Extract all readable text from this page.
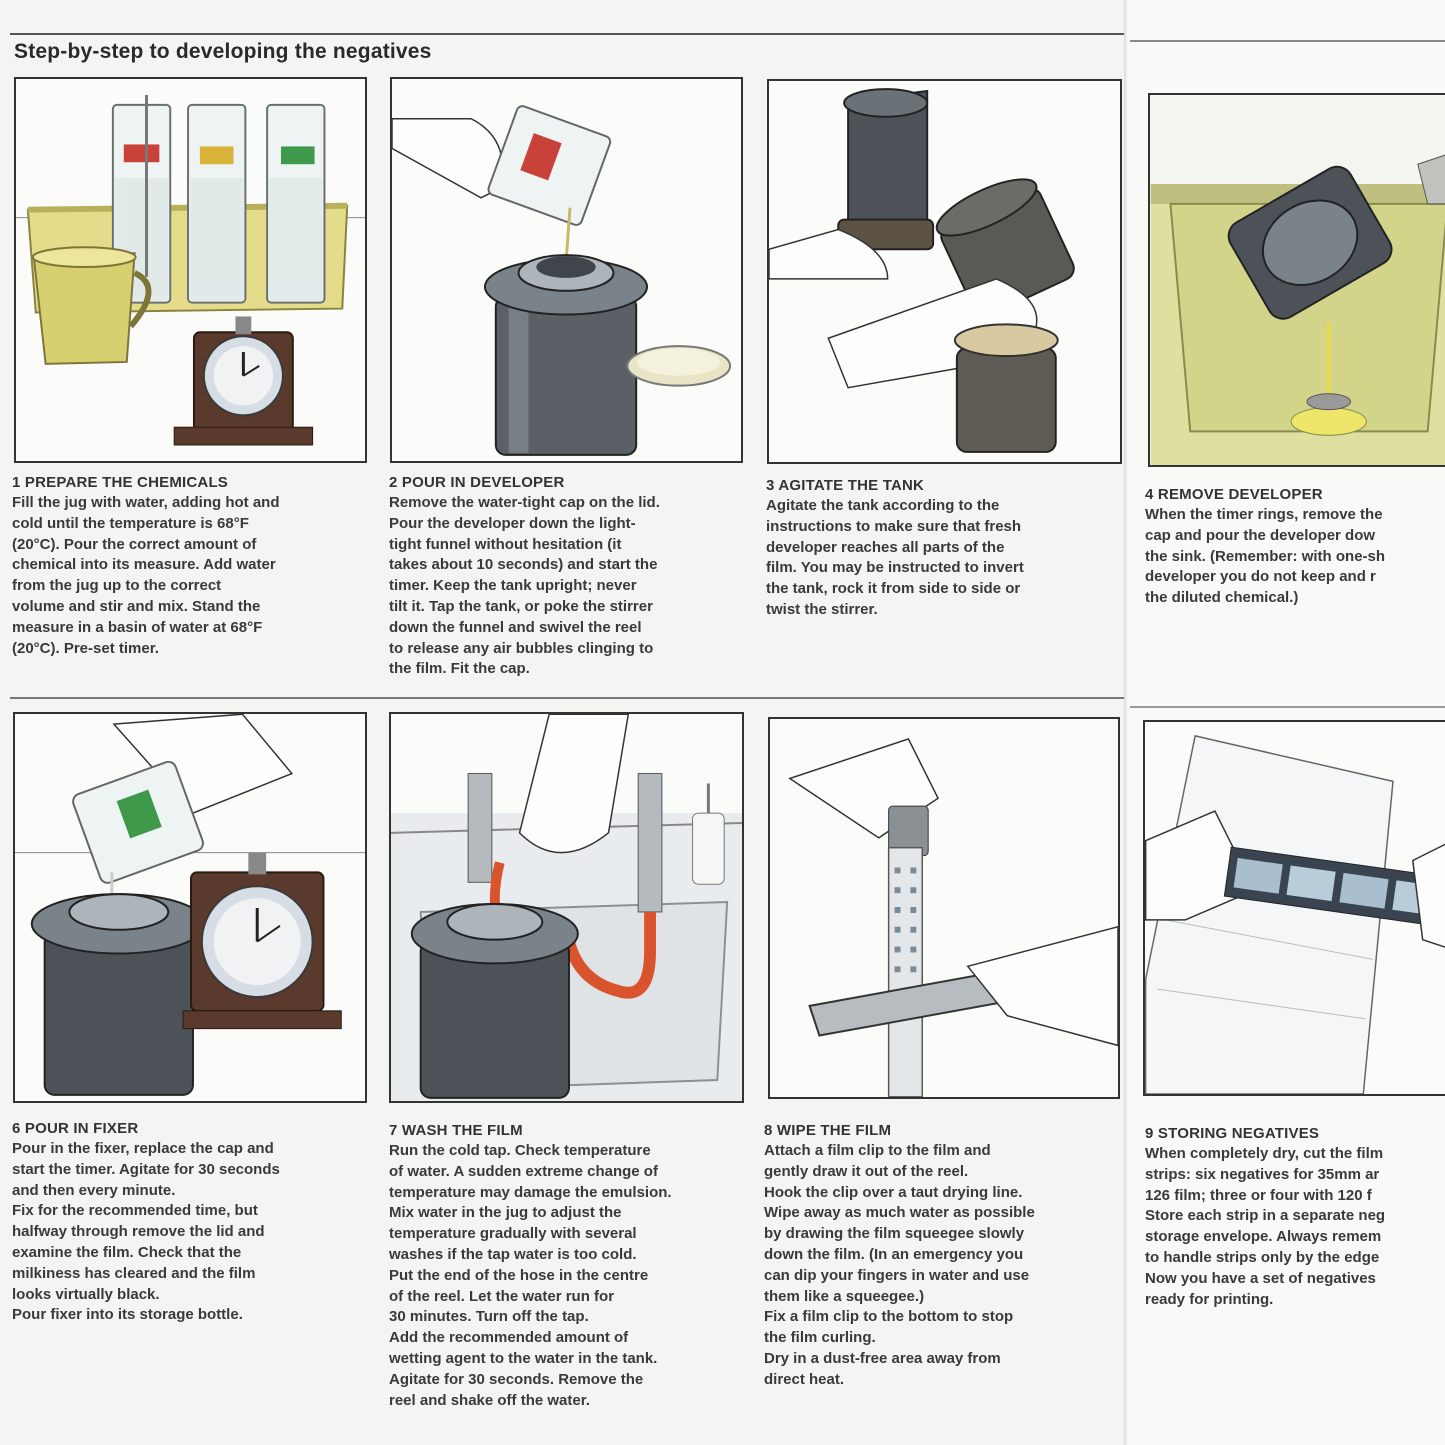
Step-by-step to developing the negatives
1 PREPARE THE CHEMICALS

Fill the jug with water, adding hot and
cold until the temperature is 68°F
(20°C). Pour the correct amount of
chemical into its measure. Add water
from the jug up to the correct
volume and stir and mix. Stand the
measure in a basin of water at 68°F
(20°C). Pre-set timer.

2 POUR IN DEVELOPER

Remove the water-tight cap on the lid.
Pour the developer down the light-
tight funnel without hesitation (it
takes about 10 seconds) and start the
timer. Keep the tank upright; never
tilt it. Tap the tank, or poke the stirrer
down the funnel and swivel the reel
to release any air bubbles clinging to
the film. Fit the cap.

3 AGITATE THE TANK

Agitate the tank according to the
instructions to make sure that fresh
developer reaches all parts of the
film. You may be instructed to invert
the tank, rock it from side to side or
twist the stirrer.

4 REMOVE DEVELOPER

When the timer rings, remove the
cap and pour the developer dow
the sink. (Remember: with one-sh
developer you do not keep and r
the diluted chemical.)

6 POUR IN FIXER

Pour in the fixer, replace the cap and
start the timer. Agitate for 30 seconds
and then every minute.
Fix for the recommended time, but
halfway through remove the lid and
examine the film. Check that the
milkiness has cleared and the film
looks virtually black.
Pour fixer into its storage bottle.

7 WASH THE FILM

Run the cold tap. Check temperature
of water. A sudden extreme change of
temperature may damage the emulsion.
Mix water in the jug to adjust the
temperature gradually with several
washes if the tap water is too cold.
Put the end of the hose in the centre
of the reel. Let the water run for
30 minutes. Turn off the tap.
Add the recommended amount of
wetting agent to the water in the tank.
Agitate for 30 seconds. Remove the
reel and shake off the water.

8 WIPE THE FILM

Attach a film clip to the film and
gently draw it out of the reel.
Hook the clip over a taut drying line.
Wipe away as much water as possible
by drawing the film squeegee slowly
down the film. (In an emergency you
can dip your fingers in water and use
them like a squeegee.)
Fix a film clip to the bottom to stop
the film curling.
Dry in a dust-free area away from
direct heat.

9 STORING NEGATIVES

When completely dry, cut the film
strips: six negatives for 35mm ar
126 film; three or four with 120 f
Store each strip in a separate neg
storage envelope. Always remem
to handle strips only by the edge
Now you have a set of negatives
ready for printing.
